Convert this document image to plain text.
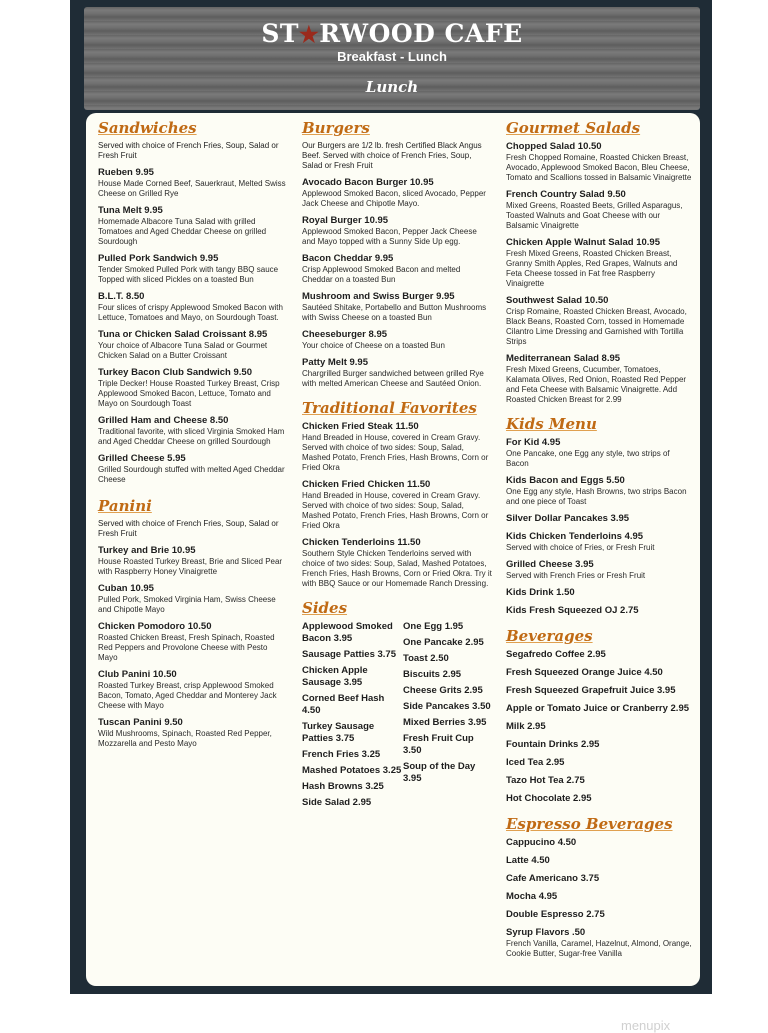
ST★RWOOD CAFE
Breakfast - Lunch
Lunch
Sandwiches
Served with choice of French Fries, Soup, Salad or Fresh Fruit
Rueben 9.95
House Made Corned Beef, Sauerkraut, Melted Swiss Cheese on Grilled Rye
Tuna Melt 9.95
Homemade Albacore Tuna Salad with grilled Tomatoes and Aged Cheddar Cheese on grilled Sourdough
Pulled Pork Sandwich 9.95
Tender Smoked Pulled Pork with tangy BBQ sauce Topped with sliced Pickles on a toasted Bun
B.L.T. 8.50
Four slices of crispy Applewood Smoked Bacon with Lettuce, Tomatoes and Mayo, on Sourdough Toast.
Tuna or Chicken Salad Croissant 8.95
Your choice of Albacore Tuna Salad or Gourmet Chicken Salad on a Butter Croissant
Turkey Bacon Club Sandwich 9.50
Triple Decker! House Roasted Turkey Breast, Crisp Applewood Smoked Bacon, Lettuce, Tomato and Mayo on Sourdough Toast
Grilled Ham and Cheese 8.50
Traditional favorite, with sliced Virginia Smoked Ham and Aged Cheddar Cheese on grilled Sourdough
Grilled Cheese 5.95
Grilled Sourdough stuffed with melted Aged Cheddar Cheese
Panini
Served with choice of French Fries, Soup, Salad or Fresh Fruit
Turkey and Brie 10.95
House Roasted Turkey Breast, Brie and Sliced Pear with Raspberry Honey Vinaigrette
Cuban 10.95
Pulled Pork, Smoked Virginia Ham, Swiss Cheese and Chipotle Mayo
Chicken Pomodoro 10.50
Roasted Chicken Breast, Fresh Spinach, Roasted Red Peppers and Provolone Cheese with Pesto Mayo
Club Panini 10.50
Roasted Turkey Breast, crisp Applewood Smoked Bacon, Tomato, Aged Cheddar and Monterey Jack Cheese with Mayo
Tuscan Panini 9.50
Wild Mushrooms, Spinach, Roasted Red Pepper, Mozzarella and Pesto Mayo
Burgers
Our Burgers are 1/2 lb. fresh Certified Black Angus Beef. Served with choice of French Fries, Soup, Salad or Fresh Fruit
Avocado Bacon Burger 10.95
Applewood Smoked Bacon, sliced Avocado, Pepper Jack Cheese and Chipotle Mayo.
Royal Burger 10.95
Applewood Smoked Bacon, Pepper Jack Cheese and Mayo topped with a Sunny Side Up egg.
Bacon Cheddar 9.95
Crisp Applewood Smoked Bacon and melted Cheddar on a toasted Bun
Mushroom and Swiss Burger 9.95
Sautéed Shitake, Portabello and Button Mushrooms with Swiss Cheese on a toasted Bun
Cheeseburger 8.95
Your choice of Cheese on a toasted Bun
Patty Melt 9.95
Chargrilled Burger sandwiched between grilled Rye with melted American Cheese and Sautéed Onion.
Traditional Favorites
Chicken Fried Steak 11.50
Hand Breaded in House, covered in Cream Gravy. Served with choice of two sides: Soup, Salad, Mashed Potato, French Fries, Hash Browns, Corn or Fried Okra
Chicken Fried Chicken 11.50
Hand Breaded in House, covered in Cream Gravy. Served with choice of two sides: Soup, Salad, Mashed Potato, French Fries, Hash Browns, Corn or Fried Okra
Chicken Tenderloins 11.50
Southern Style Chicken Tenderloins served with choice of two sides: Soup, Salad, Mashed Potatoes, French Fries, Hash Browns, Corn or Fried Okra. Try it with BBQ Sauce or our Homemade Ranch Dressing.
Sides
Applewood Smoked Bacon 3.95
Sausage Patties 3.75
Chicken Apple Sausage 3.95
Corned Beef Hash 4.50
Turkey Sausage Patties 3.75
French Fries 3.25
Mashed Potatoes 3.25
Hash Browns 3.25
Side Salad 2.95
One Egg 1.95
One Pancake 2.95
Toast 2.50
Biscuits 2.95
Cheese Grits 2.95
Side Pancakes 3.50
Mixed Berries 3.95
Fresh Fruit Cup 3.50
Soup of the Day 3.95
Gourmet Salads
Chopped Salad 10.50
Fresh Chopped Romaine, Roasted Chicken Breast, Avocado, Applewood Smoked Bacon, Bleu Cheese, Tomato and Scallions tossed in Balsamic Vinaigrette
French Country Salad 9.50
Mixed Greens, Roasted Beets, Grilled Asparagus, Toasted Walnuts and Goat Cheese with our Balsamic Vinaigrette
Chicken Apple Walnut Salad 10.95
Fresh Mixed Greens, Roasted Chicken Breast, Granny Smith Apples, Red Grapes, Walnuts and Feta Cheese tossed in Fat free Raspberry Vinaigrette
Southwest Salad 10.50
Crisp Romaine, Roasted Chicken Breast, Avocado, Black Beans, Roasted Corn, tossed in Homemade Cilantro Lime Dressing and Garnished with Tortilla Strips
Mediterranean Salad 8.95
Fresh Mixed Greens, Cucumber, Tomatoes, Kalamata Olives, Red Onion, Roasted Red Pepper and Feta Cheese with Balsamic Vinaigrette. Add Roasted Chicken Breast for 2.99
Kids Menu
For Kid 4.95
One Pancake, one Egg any style, two strips of Bacon
Kids Bacon and Eggs 5.50
One Egg any style, Hash Browns, two strips Bacon and one piece of Toast
Silver Dollar Pancakes 3.95
Kids Chicken Tenderloins 4.95
Served with choice of Fries, or Fresh Fruit
Grilled Cheese 3.95
Served with French Fries or Fresh Fruit
Kids Drink 1.50
Kids Fresh Squeezed OJ 2.75
Beverages
Segafredo Coffee 2.95
Fresh Squeezed Orange Juice 4.50
Fresh Squeezed Grapefruit Juice 3.95
Apple or Tomato Juice or Cranberry 2.95
Milk 2.95
Fountain Drinks 2.95
Iced Tea 2.95
Tazo Hot Tea 2.75
Hot Chocolate 2.95
Espresso Beverages
Cappucino 4.50
Latte 4.50
Cafe Americano 3.75
Mocha 4.95
Double Espresso 2.75
Syrup Flavors .50
French Vanilla, Caramel, Hazelnut, Almond, Orange, Cookie Butter, Sugar-free Vanilla
menupix
